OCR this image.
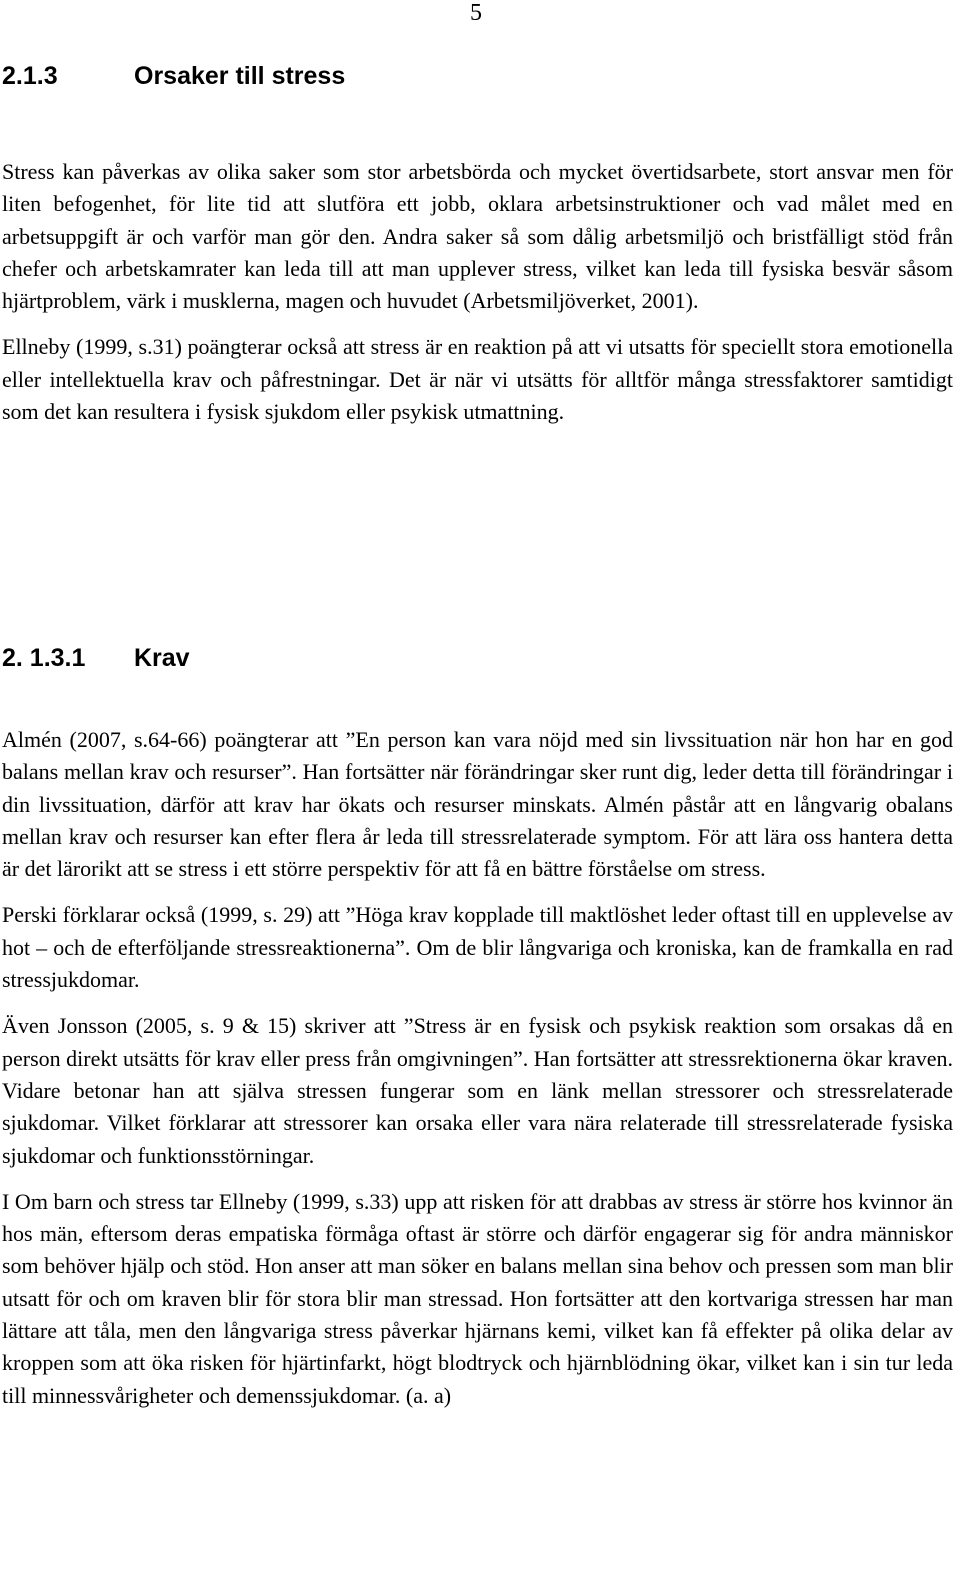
5
2.1.3	Orsaker till stress

Stress kan påverkas av olika saker som stor arbetsbörda och mycket övertidsarbete, stort ansvar men för liten befogenhet, för lite tid att slutföra ett jobb, oklara arbetsinstruktioner och vad målet med en arbetsuppgift är och varför man gör den. Andra saker så som dålig arbetsmiljö och bristfälligt stöd från chefer och arbetskamrater kan leda till att man upplever stress, vilket kan leda till fysiska besvär såsom hjärtproblem, värk i musklerna, magen och huvudet (Arbetsmiljöverket, 2001).

Ellneby (1999, s.31) poängterar också att stress är en reaktion på att vi utsatts för speciellt stora emotionella eller intellektuella krav och påfrestningar. Det är när vi utsätts för alltför många stressfaktorer samtidigt som det kan resultera i fysisk sjukdom eller psykisk utmattning.

2. 1.3.1 Krav

Almén (2007, s.64-66) poängterar att ”En person kan vara nöjd med sin livssituation när hon har en god balans mellan krav och resurser”. Han fortsätter när förändringar sker runt dig, leder detta till förändringar i din livssituation, därför att krav har ökats och resurser minskats. Almén påstår att en långvarig obalans mellan krav och resurser kan efter flera år leda till stressrelaterade symptom. För att lära oss hantera detta är det lärorikt att se stress i ett större perspektiv för att få en bättre förståelse om stress.

Perski förklarar också (1999, s. 29) att ”Höga krav kopplade till maktlöshet leder oftast till en upplevelse av hot – och de efterföljande stressreaktionerna”. Om de blir långvariga och kroniska, kan de framkalla en rad stressjukdomar.

Även Jonsson (2005, s. 9 & 15) skriver att ”Stress är en fysisk och psykisk reaktion som orsakas då en person direkt utsätts för krav eller press från omgivningen”. Han fortsätter att stressrektionerna ökar kraven. Vidare betonar han att själva stressen fungerar som en länk mellan stressorer och stressrelaterade sjukdomar. Vilket förklarar att stressorer kan orsaka eller vara nära relaterade till stressrelaterade fysiska sjukdomar och funktionsstörningar.

I Om barn och stress tar Ellneby (1999, s.33) upp att risken för att drabbas av stress är större hos kvinnor än hos män, eftersom deras empatiska förmåga oftast är större och därför engagerar sig för andra människor som behöver hjälp och stöd. Hon anser att man söker en balans mellan sina behov och pressen som man blir utsatt för och om kraven blir för stora blir man stressad. Hon fortsätter att den kortvariga stressen har man lättare att tåla, men den långvariga stress påverkar hjärnans kemi, vilket kan få effekter på olika delar av kroppen som att öka risken för hjärtinfarkt, högt blodtryck och hjärnblödning ökar, vilket kan i sin tur leda till minnessvårigheter och demenssjukdomar. (a. a)
